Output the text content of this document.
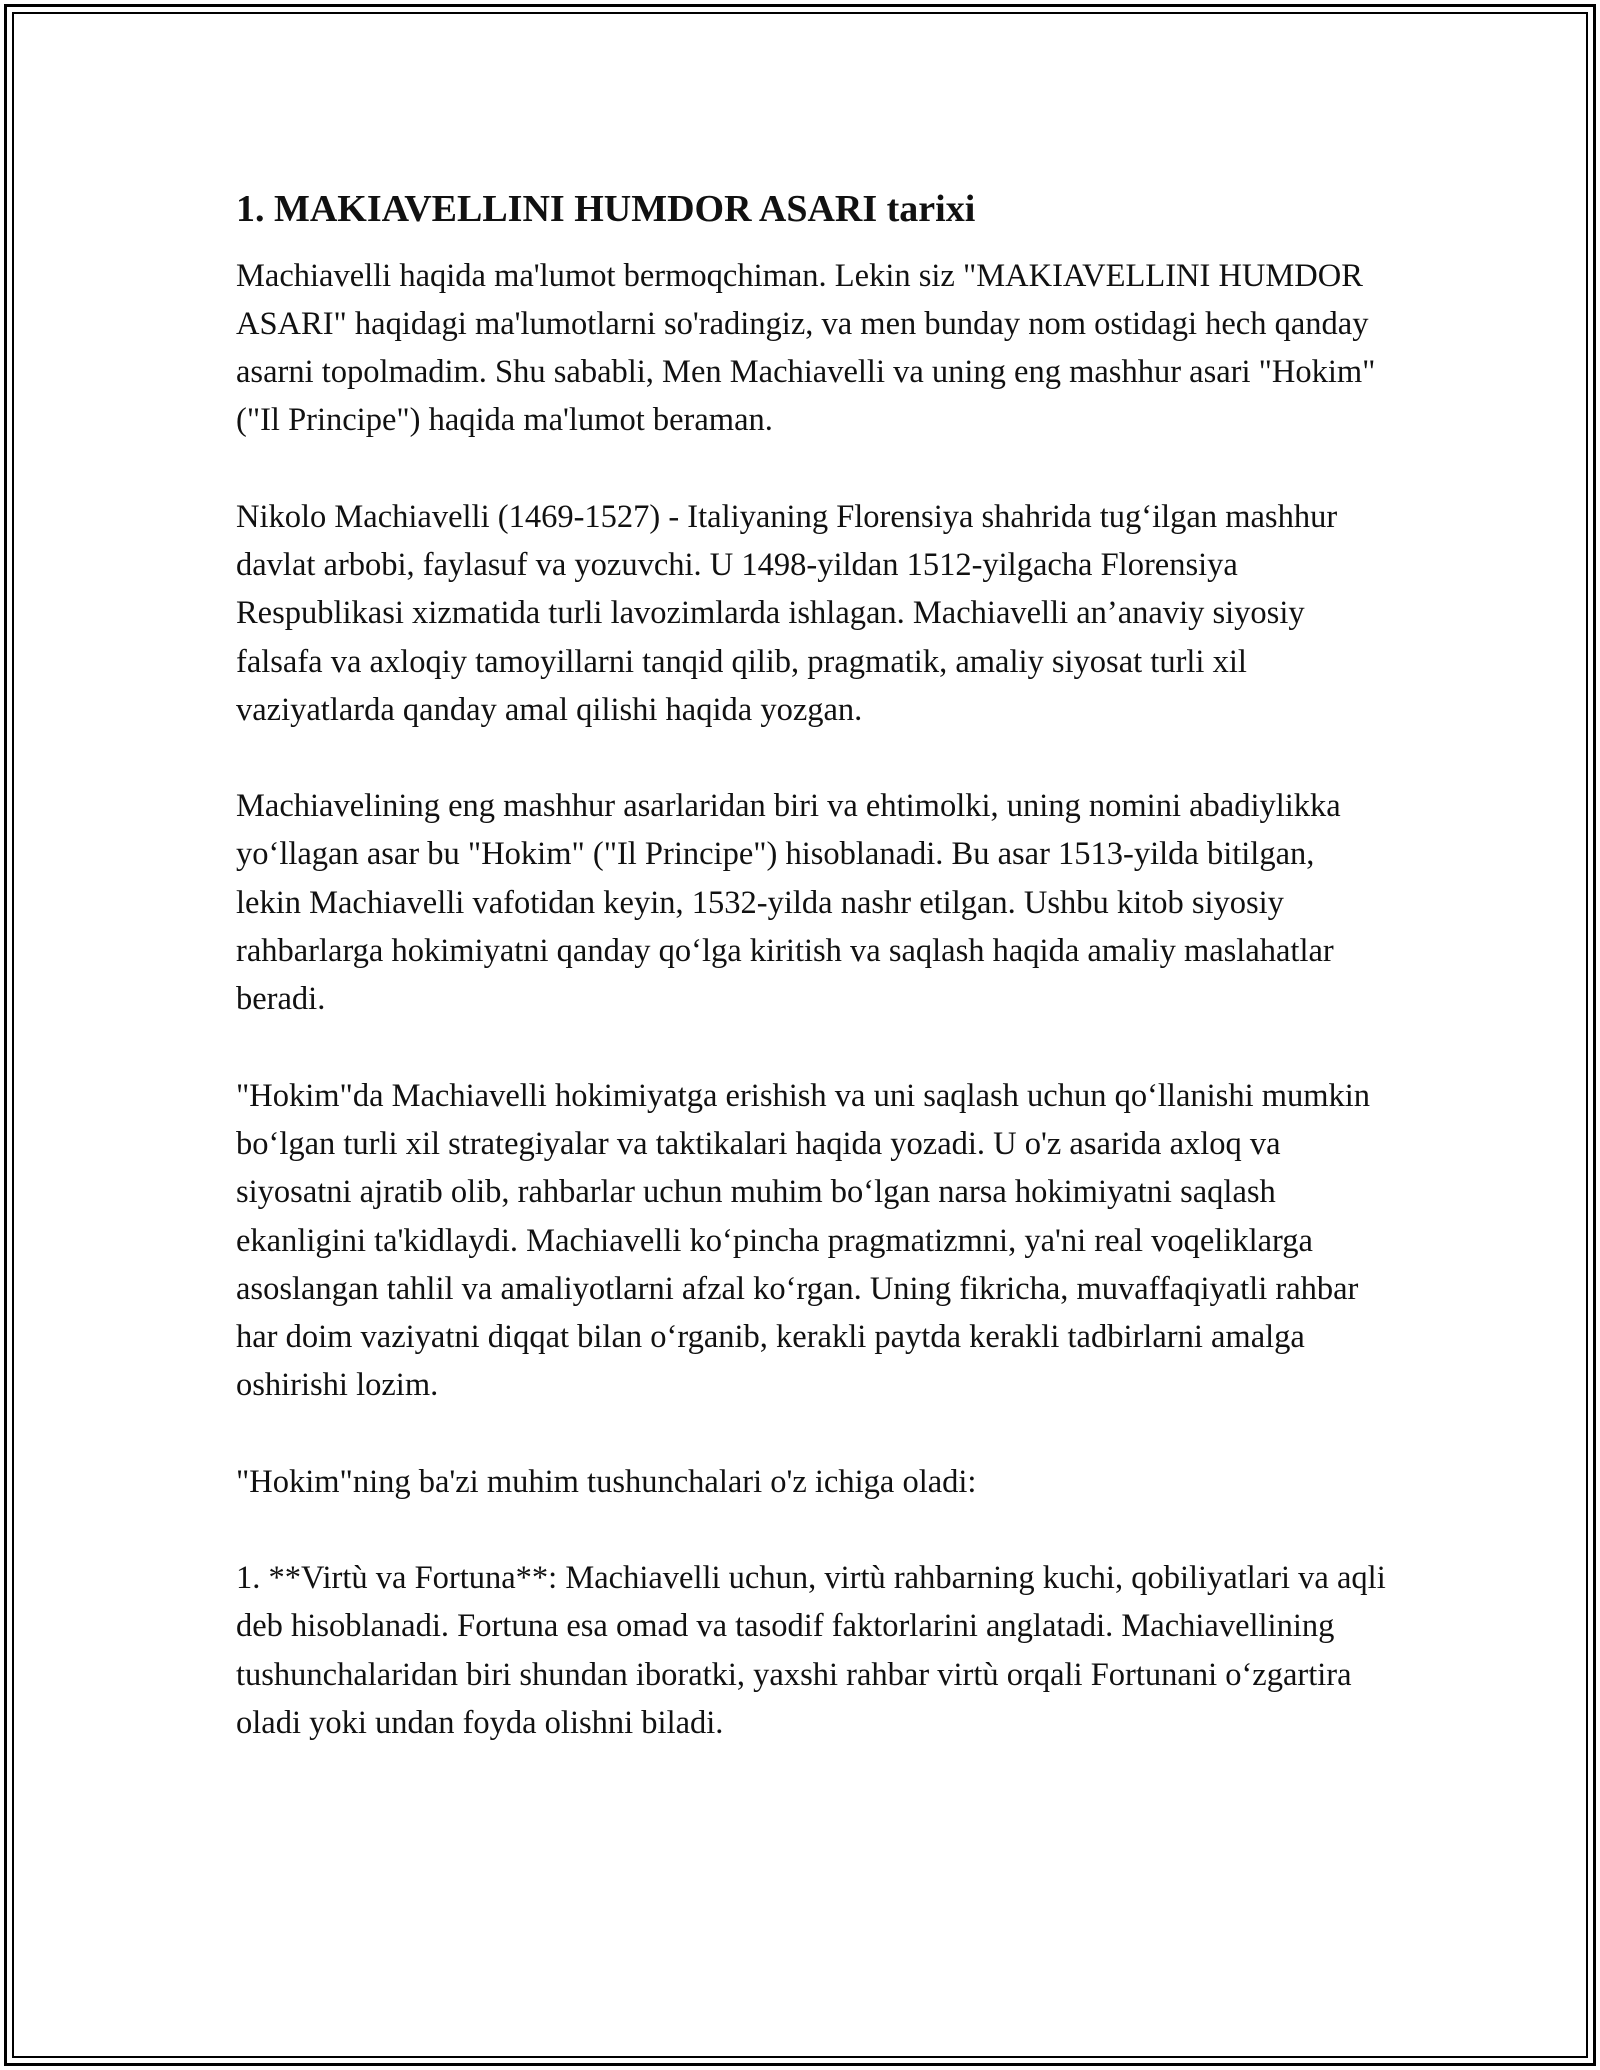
1. MAKIAVELLINI HUMDOR ASARI tarixi

Machiavelli haqida ma'lumot bermoqchiman. Lekin siz "MAKIAVELLINI HUMDOR ASARI" haqidagi ma'lumotlarni so'radingiz, va men bunday nom ostidagi hech qanday asarni topolmadim. Shu sababli, Men Machiavelli va uning eng mashhur asari "Hokim" ("Il Principe") haqida ma'lumot beraman.

Nikolo Machiavelli (1469-1527) - Italiyaning Florensiya shahrida tug‘ilgan mashhur davlat arbobi, faylasuf va yozuvchi. U 1498-yildan 1512-yilgacha Florensiya Respublikasi xizmatida turli lavozimlarda ishlagan. Machiavelli an’anaviy siyosiy falsafa va axloqiy tamoyillarni tanqid qilib, pragmatik, amaliy siyosat turli xil vaziyatlarda qanday amal qilishi haqida yozgan.

Machiavelining eng mashhur asarlaridan biri va ehtimolki, uning nomini abadiylikka yo‘llagan asar bu "Hokim" ("Il Principe") hisoblanadi. Bu asar 1513-yilda bitilgan, lekin Machiavelli vafotidan keyin, 1532-yilda nashr etilgan. Ushbu kitob siyosiy rahbarlarga hokimiyatni qanday qo‘lga kiritish va saqlash haqida amaliy maslahatlar beradi.

"Hokim"da Machiavelli hokimiyatga erishish va uni saqlash uchun qo‘llanishi mumkin bo‘lgan turli xil strategiyalar va taktikalari haqida yozadi. U o'z asarida axloq va siyosatni ajratib olib, rahbarlar uchun muhim bo‘lgan narsa hokimiyatni saqlash ekanligini ta'kidlaydi. Machiavelli ko‘pincha pragmatizmni, ya'ni real voqeliklarga asoslangan tahlil va amaliyotlarni afzal ko‘rgan. Uning fikricha, muvaffaqiyatli rahbar har doim vaziyatni diqqat bilan o‘rganib, kerakli paytda kerakli tadbirlarni amalga oshirishi lozim.

"Hokim"ning ba'zi muhim tushunchalari o'z ichiga oladi:

1. **Virtù va Fortuna**: Machiavelli uchun, virtù rahbarning kuchi, qobiliyatlari va aqli deb hisoblanadi. Fortuna esa omad va tasodif faktorlarini anglatadi. Machiavellining tushunchalaridan biri shundan iboratki, yaxshi rahbar virtù orqali Fortunani o‘zgartira oladi yoki undan foyda olishni biladi.
